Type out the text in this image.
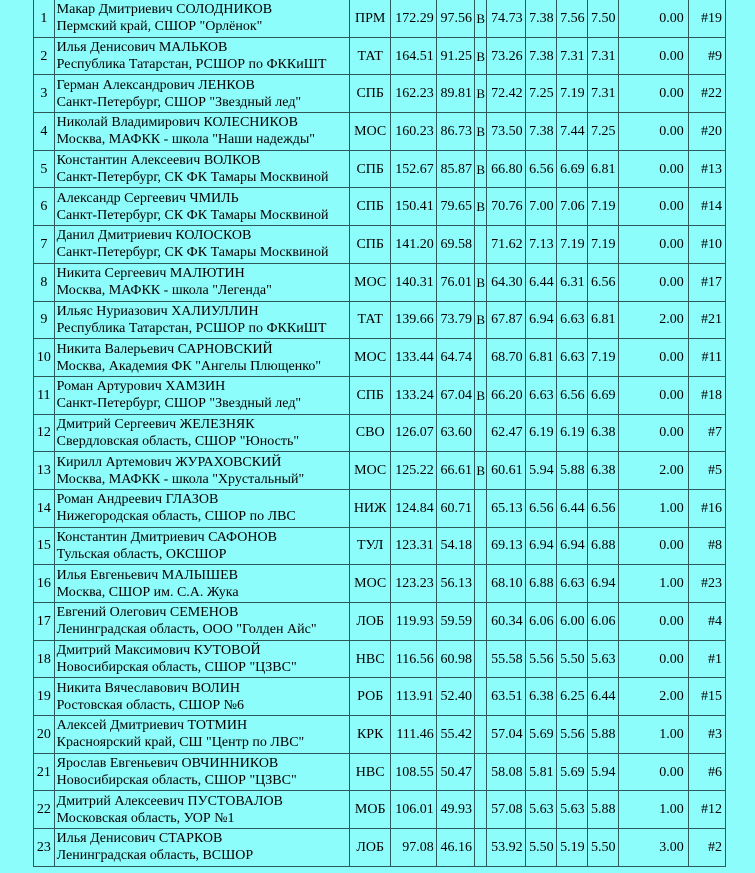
1	Макар Дмитриевич СОЛОДНИКОВ
Пермский край, СШОР "Орлёнок"	ПРМ	172.29	97.56	B	74.73	7.38	7.56	7.50	0.00	#19
2	Илья Денисович МАЛЬКОВ
Республика Татарстан, РСШОР по ФККиШТ	ТАТ	164.51	91.25	B	73.26	7.38	7.31	7.31	0.00	#9
3	Герман Александрович ЛЕНКОВ
Санкт-Петербург, СШОР "Звездный лед"	СПБ	162.23	89.81	B	72.42	7.25	7.19	7.31	0.00	#22
4	Николай Владимирович КОЛЕСНИКОВ
Москва, МАФКК - школа "Наши надежды"	МОС	160.23	86.73	B	73.50	7.38	7.44	7.25	0.00	#20
5	Константин Алексеевич ВОЛКОВ
Санкт-Петербург, СК ФК Тамары Москвиной	СПБ	152.67	85.87	B	66.80	6.56	6.69	6.81	0.00	#13
6	Александр Сергеевич ЧМИЛЬ
Санкт-Петербург, СК ФК Тамары Москвиной	СПБ	150.41	79.65	B	70.76	7.00	7.06	7.19	0.00	#14
7	Данил Дмитриевич КОЛОСКОВ
Санкт-Петербург, СК ФК Тамары Москвиной	СПБ	141.20	69.58		71.62	7.13	7.19	7.19	0.00	#10
8	Никита Сергеевич МАЛЮТИН
Москва, МАФКК - школа "Легенда"	МОС	140.31	76.01	B	64.30	6.44	6.31	6.56	0.00	#17
9	Ильяс Нуриазович ХАЛИУЛЛИН
Республика Татарстан, РСШОР по ФККиШТ	ТАТ	139.66	73.79	B	67.87	6.94	6.63	6.81	2.00	#21
10	Никита Валерьевич САРНОВСКИЙ
Москва, Академия ФК "Ангелы Плющенко"	МОС	133.44	64.74		68.70	6.81	6.63	7.19	0.00	#11
11	Роман Артурович ХАМЗИН
Санкт-Петербург, СШОР "Звездный лед"	СПБ	133.24	67.04	B	66.20	6.63	6.56	6.69	0.00	#18
12	Дмитрий Сергеевич ЖЕЛЕЗНЯК
Свердловская область, СШОР "Юность"	СВО	126.07	63.60		62.47	6.19	6.19	6.38	0.00	#7
13	Кирилл Артемович ЖУРАХОВСКИЙ
Москва, МАФКК - школа "Хрустальный"	МОС	125.22	66.61	B	60.61	5.94	5.88	6.38	2.00	#5
14	Роман Андреевич ГЛАЗОВ
Нижегородская область, СШОР по ЛВС	НИЖ	124.84	60.71		65.13	6.56	6.44	6.56	1.00	#16
15	Константин Дмитриевич САФОНОВ
Тульская область, ОКСШОР	ТУЛ	123.31	54.18		69.13	6.94	6.94	6.88	0.00	#8
16	Илья Евгеньевич МАЛЫШЕВ
Москва, СШОР им. С.А. Жука	МОС	123.23	56.13		68.10	6.88	6.63	6.94	1.00	#23
17	Евгений Олегович СЕМЕНОВ
Ленинградская область, ООО "Голден Айс"	ЛОБ	119.93	59.59		60.34	6.06	6.00	6.06	0.00	#4
18	Дмитрий Максимович КУТОВОЙ
Новосибирская область, СШОР "ЦЗВС"	НВС	116.56	60.98		55.58	5.56	5.50	5.63	0.00	#1
19	Никита Вячеславович ВОЛИН
Ростовская область, СШОР №6	РОБ	113.91	52.40		63.51	6.38	6.25	6.44	2.00	#15
20	Алексей Дмитриевич ТОТМИН
Красноярский край, СШ "Центр по ЛВС"	КРК	111.46	55.42		57.04	5.69	5.56	5.88	1.00	#3
21	Ярослав Евгеньевич ОВЧИННИКОВ
Новосибирская область, СШОР "ЦЗВС"	НВС	108.55	50.47		58.08	5.81	5.69	5.94	0.00	#6
22	Дмитрий Алексеевич ПУСТОВАЛОВ
Московская область, УОР №1	МОБ	106.01	49.93		57.08	5.63	5.63	5.88	1.00	#12
23	Илья Денисович СТАРКОВ
Ленинградская область, ВСШОР	ЛОБ	97.08	46.16		53.92	5.50	5.19	5.50	3.00	#2
